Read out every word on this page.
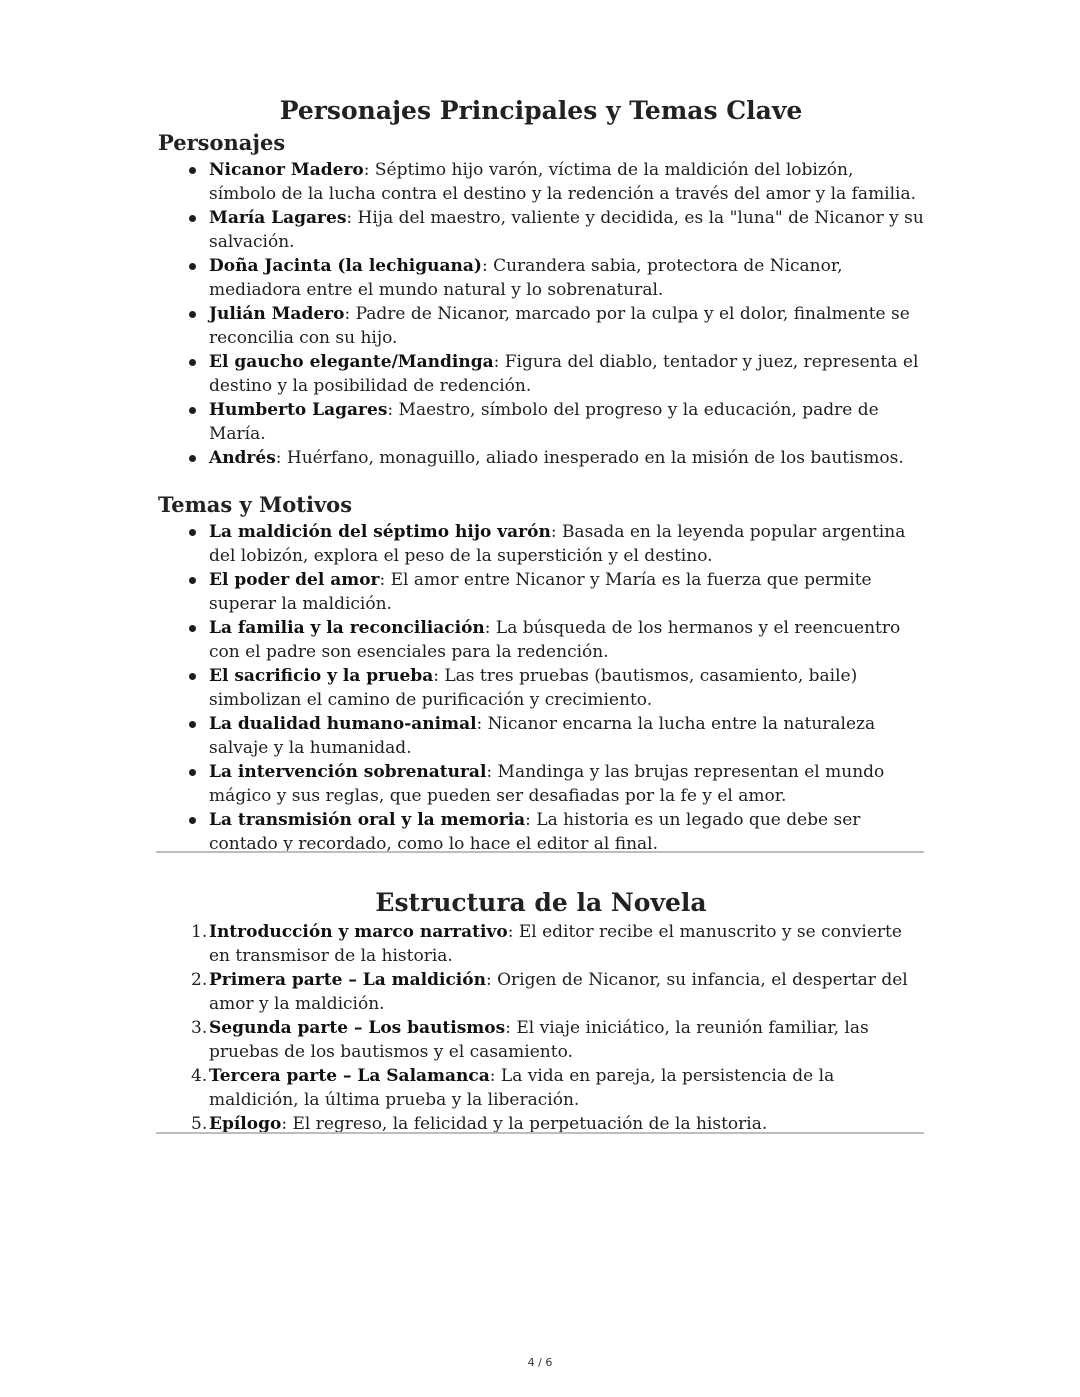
Personajes Principales y Temas Clave
Personajes
Nicanor Madero: Séptimo hijo varón, víctima de la maldición del lobizón, símbolo de la lucha contra el destino y la redención a través del amor y la familia.
María Lagares: Hija del maestro, valiente y decidida, es la "luna" de Nicanor y su salvación.
Doña Jacinta (la lechiguana): Curandera sabia, protectora de Nicanor, mediadora entre el mundo natural y lo sobrenatural.
Julián Madero: Padre de Nicanor, marcado por la culpa y el dolor, finalmente se reconcilia con su hijo.
El gaucho elegante/Mandinga: Figura del diablo, tentador y juez, representa el destino y la posibilidad de redención.
Humberto Lagares: Maestro, símbolo del progreso y la educación, padre de María.
Andrés: Huérfano, monaguillo, aliado inesperado en la misión de los bautismos.
Temas y Motivos
La maldición del séptimo hijo varón: Basada en la leyenda popular argentina del lobizón, explora el peso de la superstición y el destino.
El poder del amor: El amor entre Nicanor y María es la fuerza que permite superar la maldición.
La familia y la reconciliación: La búsqueda de los hermanos y el reencuentro con el padre son esenciales para la redención.
El sacrificio y la prueba: Las tres pruebas (bautismos, casamiento, baile) simbolizan el camino de purificación y crecimiento.
La dualidad humano-animal: Nicanor encarna la lucha entre la naturaleza salvaje y la humanidad.
La intervención sobrenatural: Mandinga y las brujas representan el mundo mágico y sus reglas, que pueden ser desafiadas por la fe y el amor.
La transmisión oral y la memoria: La historia es un legado que debe ser contado y recordado, como lo hace el editor al final.
Estructura de la Novela
1. Introducción y marco narrativo: El editor recibe el manuscrito y se convierte en transmisor de la historia.
2. Primera parte – La maldición: Origen de Nicanor, su infancia, el despertar del amor y la maldición.
3. Segunda parte – Los bautismos: El viaje iniciático, la reunión familiar, las pruebas de los bautismos y el casamiento.
4. Tercera parte – La Salamanca: La vida en pareja, la persistencia de la maldición, la última prueba y la liberación.
5. Epílogo: El regreso, la felicidad y la perpetuación de la historia.
4 / 6
